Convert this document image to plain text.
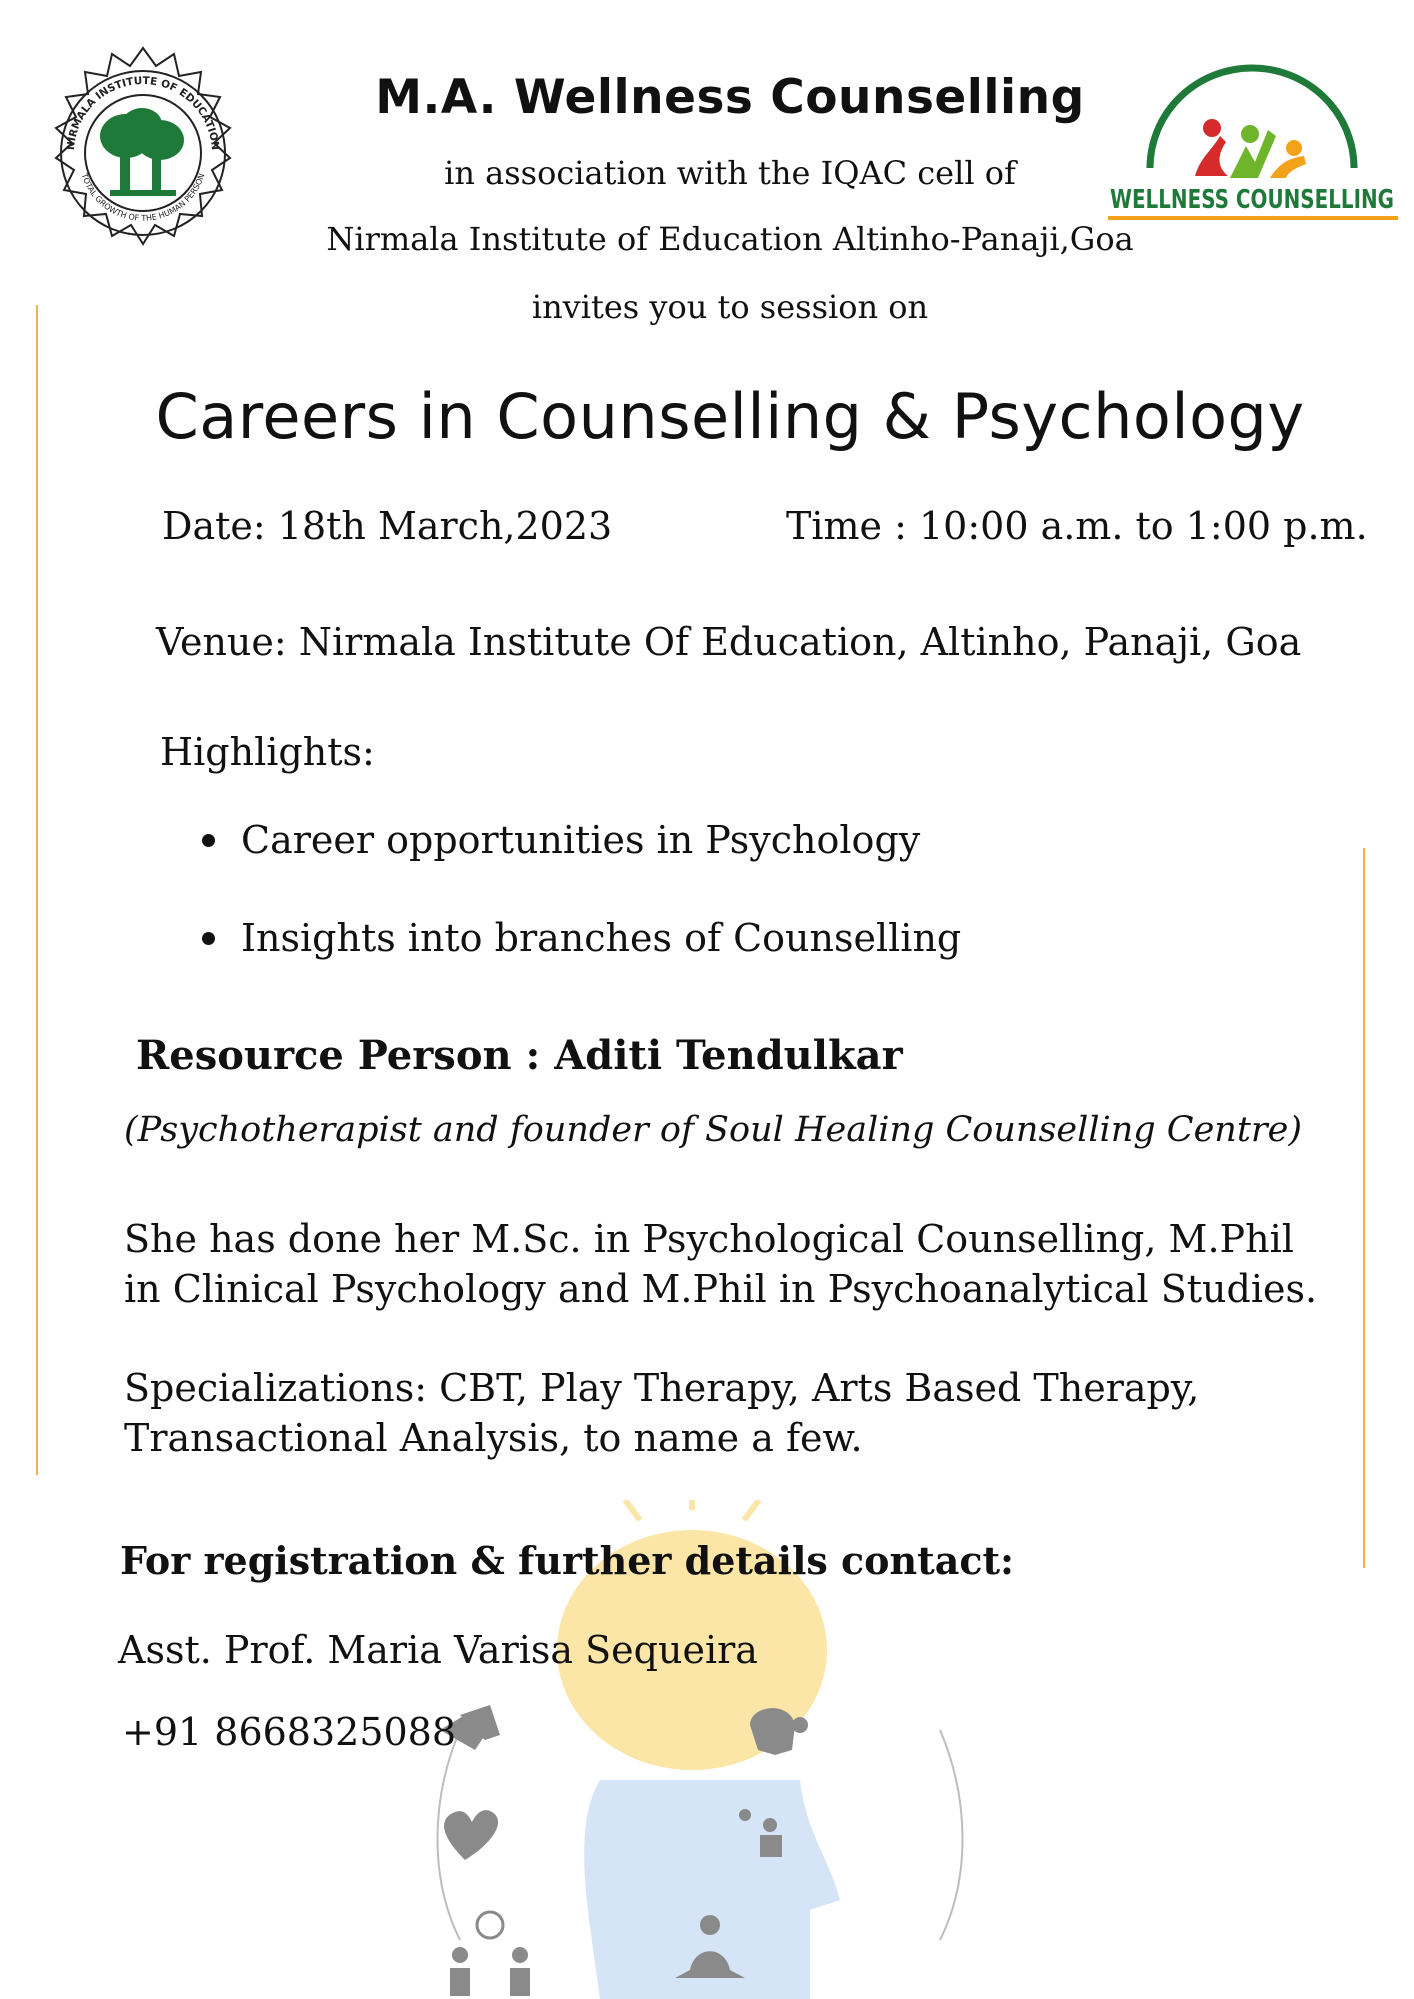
NIRMALA INSTITUTE OF EDUCATION
TOTAL GROWTH OF THE HUMAN PERSON
WELLNESS COUNSELLING
M.A. Wellness Counselling
in association with the IQAC cell of
Nirmala Institute of Education Altinho-Panaji,Goa
invites you to session on
Careers in Counselling & Psychology
Date: 18th March,2023	Time : 10:00 a.m. to 1:00 p.m.
Venue: Nirmala Institute Of Education, Altinho, Panaji, Goa
Highlights:
Career opportunities in Psychology
Insights into branches of Counselling
Resource Person : Aditi Tendulkar
(Psychotherapist and founder of Soul Healing Counselling Centre)
She has done her M.Sc. in Psychological Counselling, M.Phil
in Clinical Psychology and M.Phil in Psychoanalytical Studies.
Specializations: CBT, Play Therapy, Arts Based Therapy,
Transactional Analysis, to name a few.
For registration & further details contact:
Asst. Prof. Maria Varisa Sequeira
+91 8668325088
